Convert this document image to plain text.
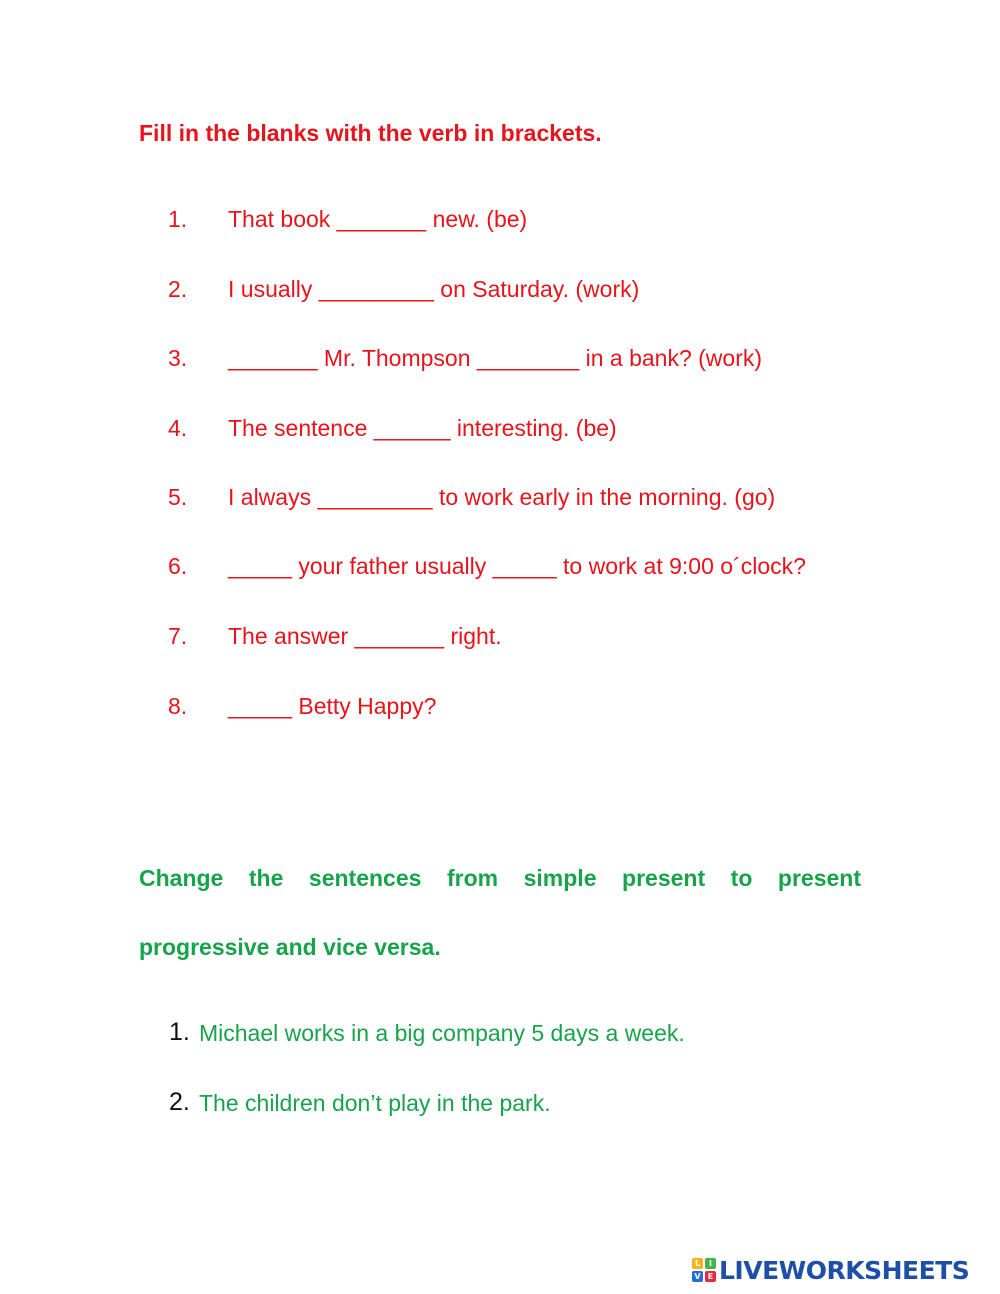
Fill in the blanks with the verb in brackets.
1. That book _______ new. (be)
2. I usually _________ on Saturday. (work)
3. _______ Mr. Thompson ________ in a bank? (work)
4. The sentence ______ interesting. (be)
5. I always _________ to work early in the morning. (go)
6. _____ your father usually _____ to work at 9:00 o´clock?
7. The answer _______ right.
8. _____ Betty Happy?
Change the sentences from simple present to present
progressive and vice versa.
1. Michael works in a big company 5 days a week.
2. The children don’t play in the park.
L	I
V E LIVEWORKSHEETS
